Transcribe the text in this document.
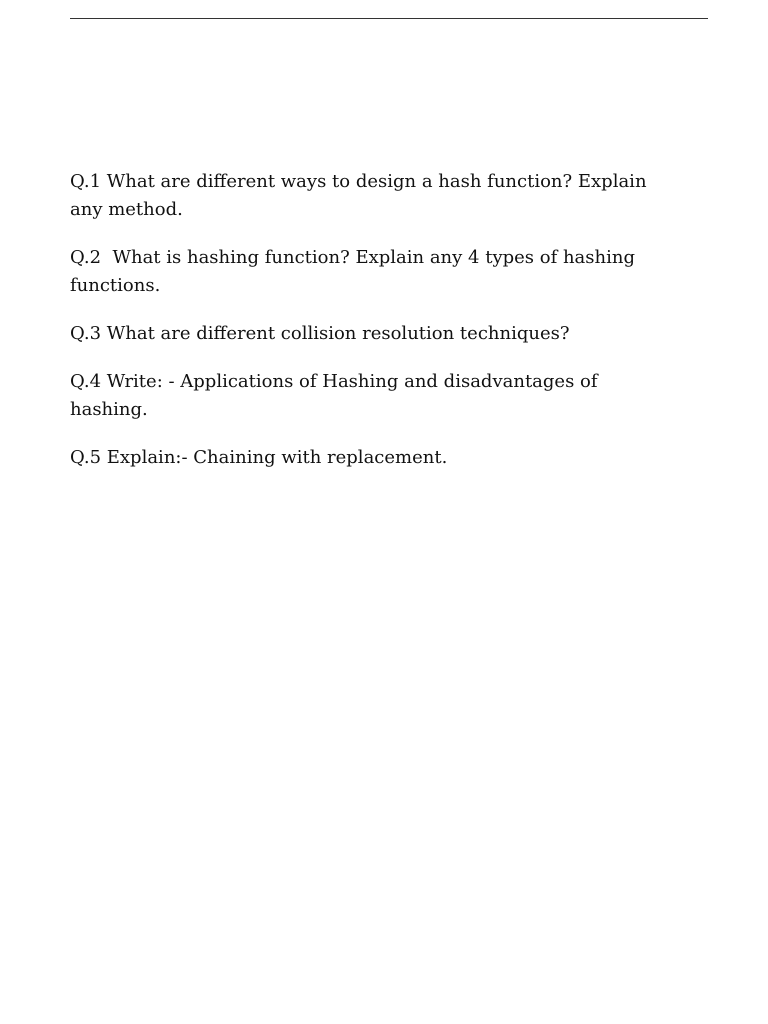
Q.1 What are different ways to design a hash function? Explain any method.
Q.2  What is hashing function? Explain any 4 types of hashing functions.
Q.3 What are different collision resolution techniques?
Q.4 Write: - Applications of Hashing and disadvantages of hashing.
Q.5 Explain:- Chaining with replacement.
